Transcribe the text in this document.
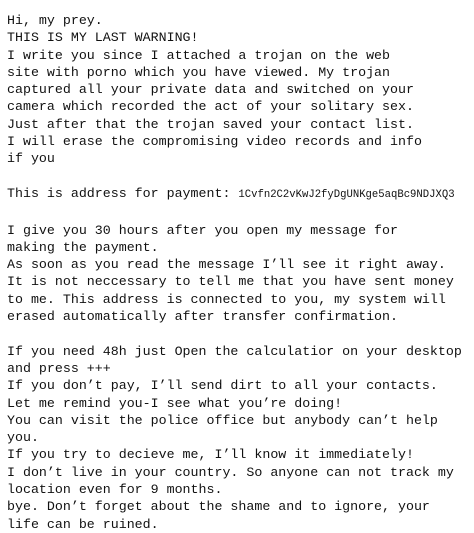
Hi, my prey.
THIS IS MY LAST WARNING!
I write you since I attached a trojan on the web
site with porno which you have viewed. My trojan
captured all your private data and switched on your
camera which recorded the act of your solitary sex.
Just after that the trojan saved your contact list.
I will erase the compromising video records and info
if you
This is address for payment: 1Cvfn2C2vKwJ2fyDgUNKge5aqBc9NDJXQ3
I give you 30 hours after you open my message for
making the payment.
As soon as you read the message I’ll see it right away.
It is not neccessary to tell me that you have sent money
to me. This address is connected to you, my system will
erased automatically after transfer confirmation.
If you need 48h just Open the calculatior on your desktop
and press +++
If you don’t pay, I’ll send dirt to all your contacts.
Let me remind you-I see what you’re doing!
You can visit the police office but anybody can’t help
you.
If you try to decieve me, I’ll know it immediately!
I don’t live in your country. So anyone can not track my
location even for 9 months.
bye. Don’t forget about the shame and to ignore, your
life can be ruined.
